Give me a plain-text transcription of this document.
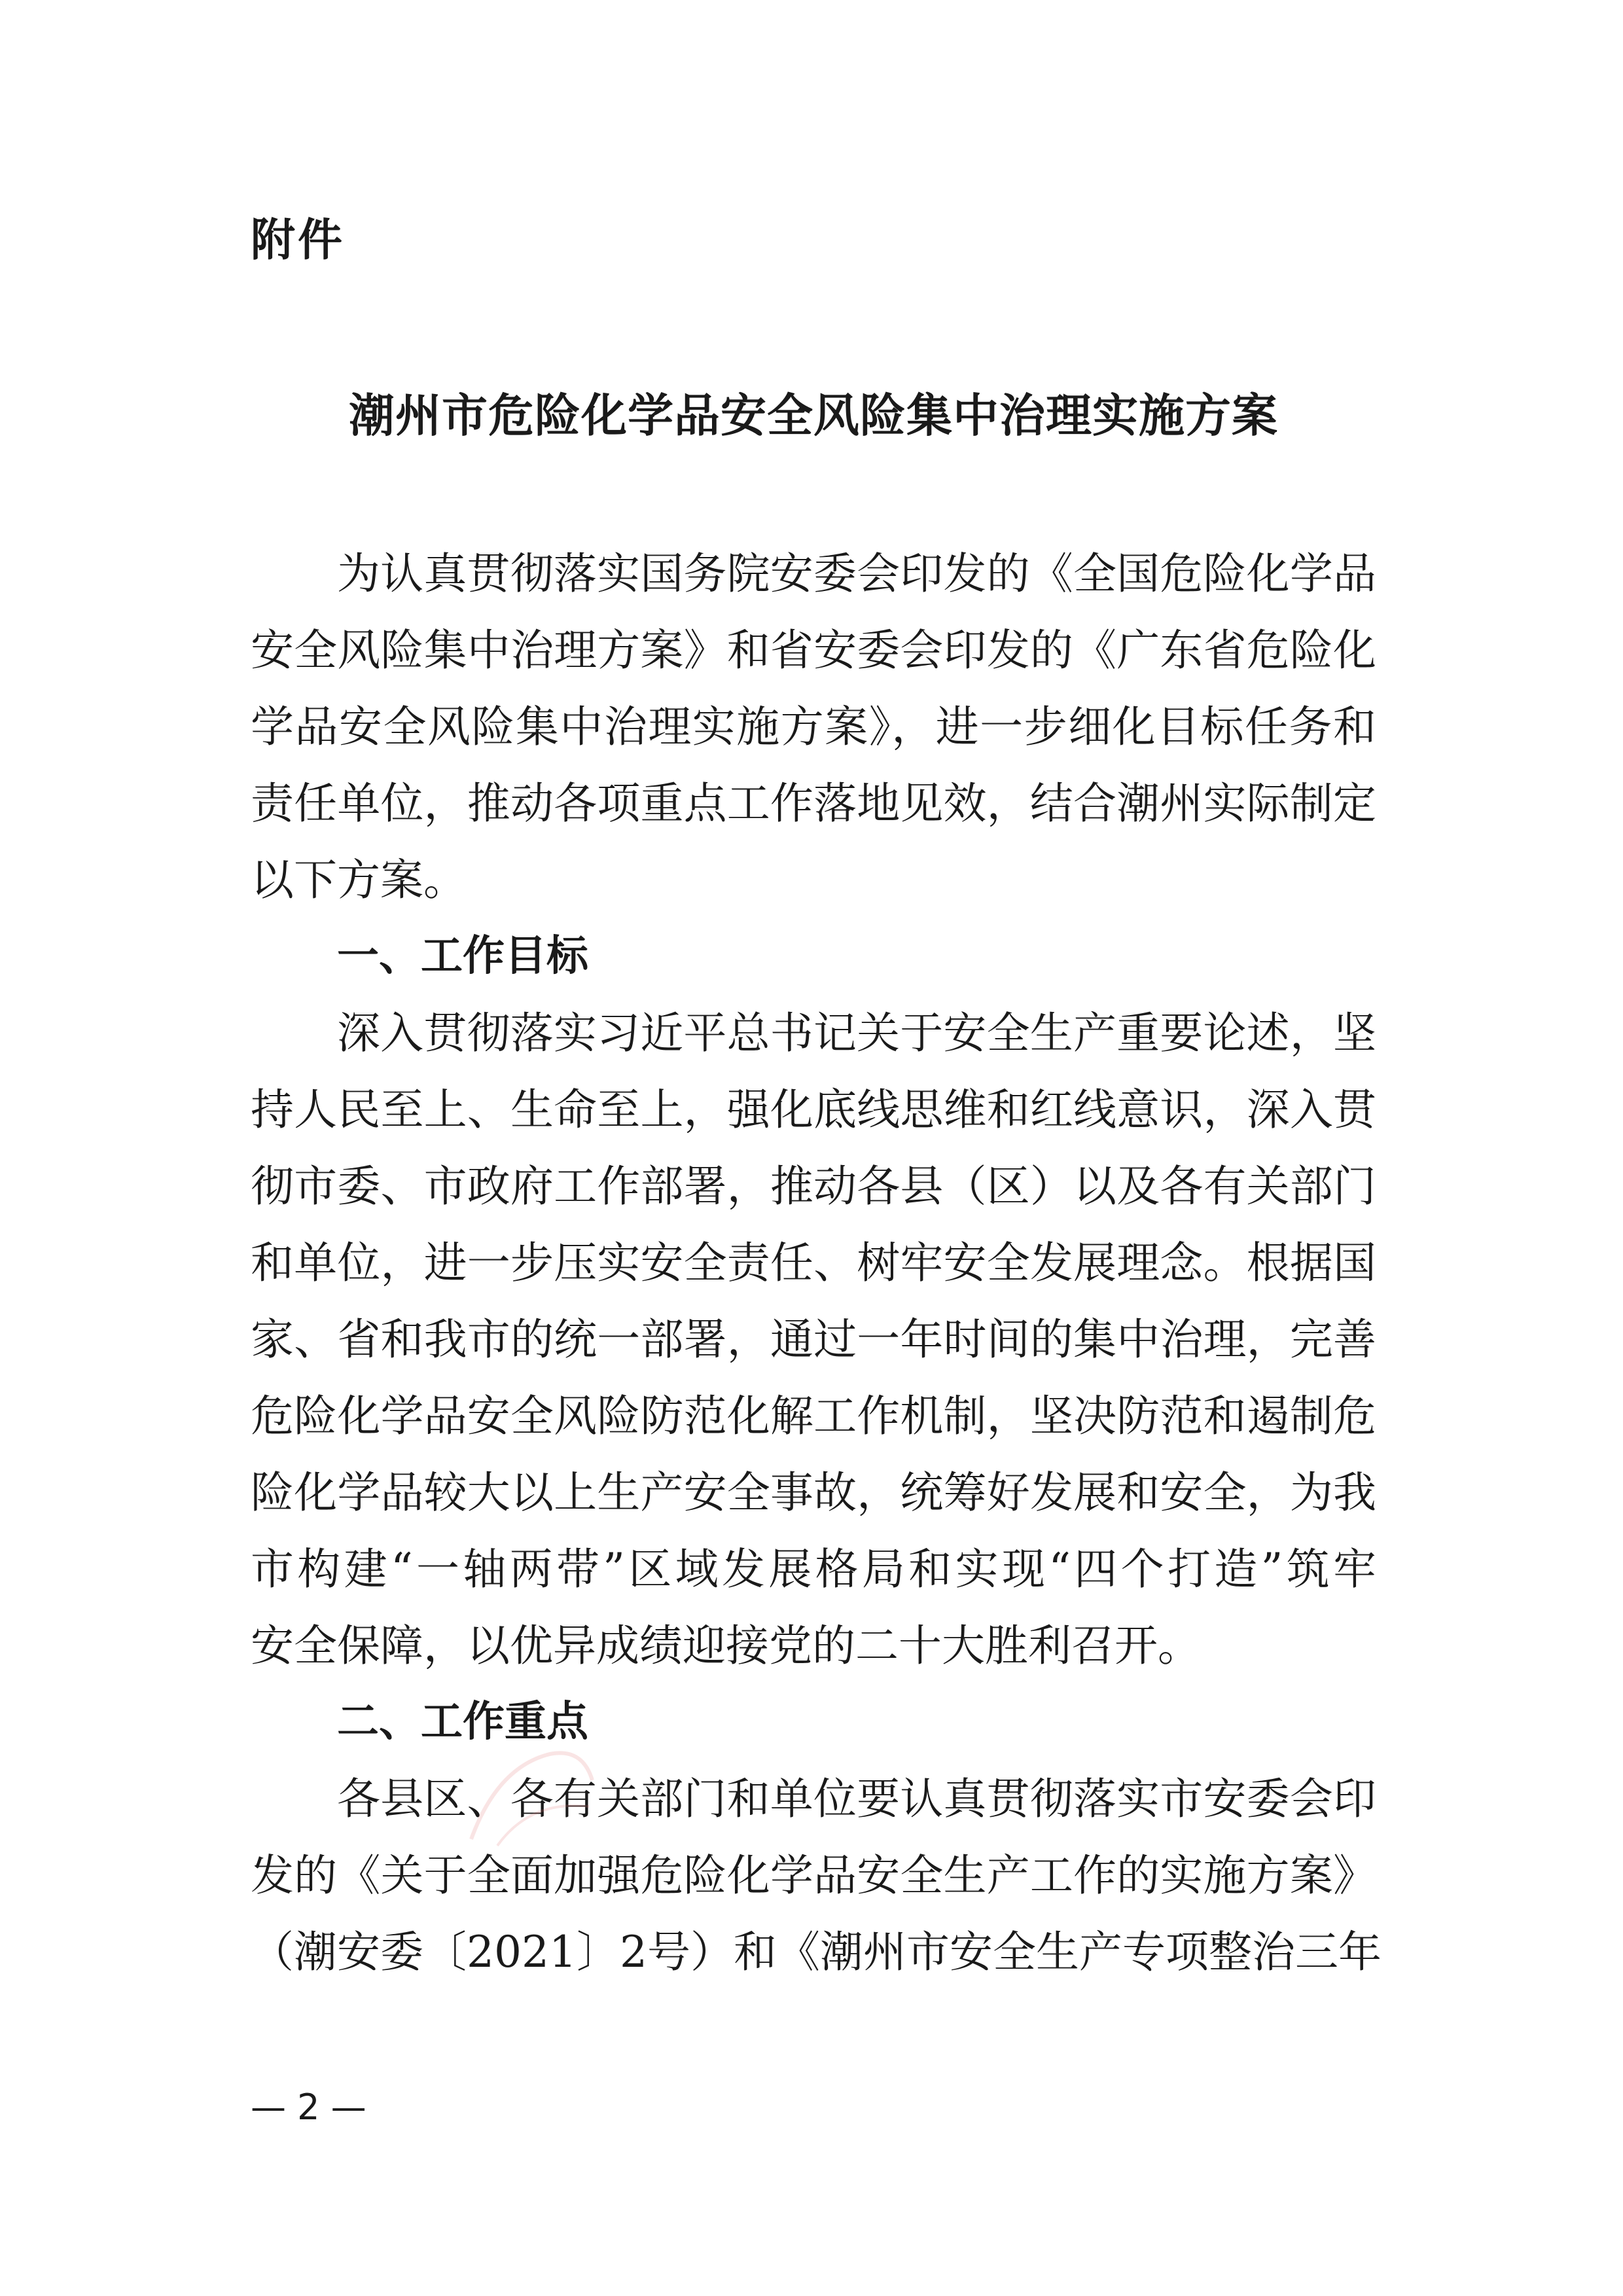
附件
潮州市危险化学品安全风险集中治理实施方案
为认真贯彻落实国务院安委会印发的《全国危险化学品
安全风险集中治理方案》和省安委会印发的《广东省危险化
学品安全风险集中治理实施方案》，进一步细化目标任务和
责任单位，推动各项重点工作落地见效，结合潮州实际制定
以下方案。
一、工作目标
深入贯彻落实习近平总书记关于安全生产重要论述，坚
持人民至上、生命至上，强化底线思维和红线意识，深入贯
彻市委、市政府工作部署，推动各县（区）以及各有关部门
和单位，进一步压实安全责任、树牢安全发展理念。根据国
家、省和我市的统一部署，通过一年时间的集中治理，完善
危险化学品安全风险防范化解工作机制，坚决防范和遏制危
险化学品较大以上生产安全事故，统筹好发展和安全，为我
市构建“一轴两带”区域发展格局和实现“四个打造”筑牢
安全保障，以优异成绩迎接党的二十大胜利召开。
二、工作重点
各县区、各有关部门和单位要认真贯彻落实市安委会印
发的《关于全面加强危险化学品安全生产工作的实施方案》
（潮安委〔2021〕2号）和《潮州市安全生产专项整治三年
— 2 —
